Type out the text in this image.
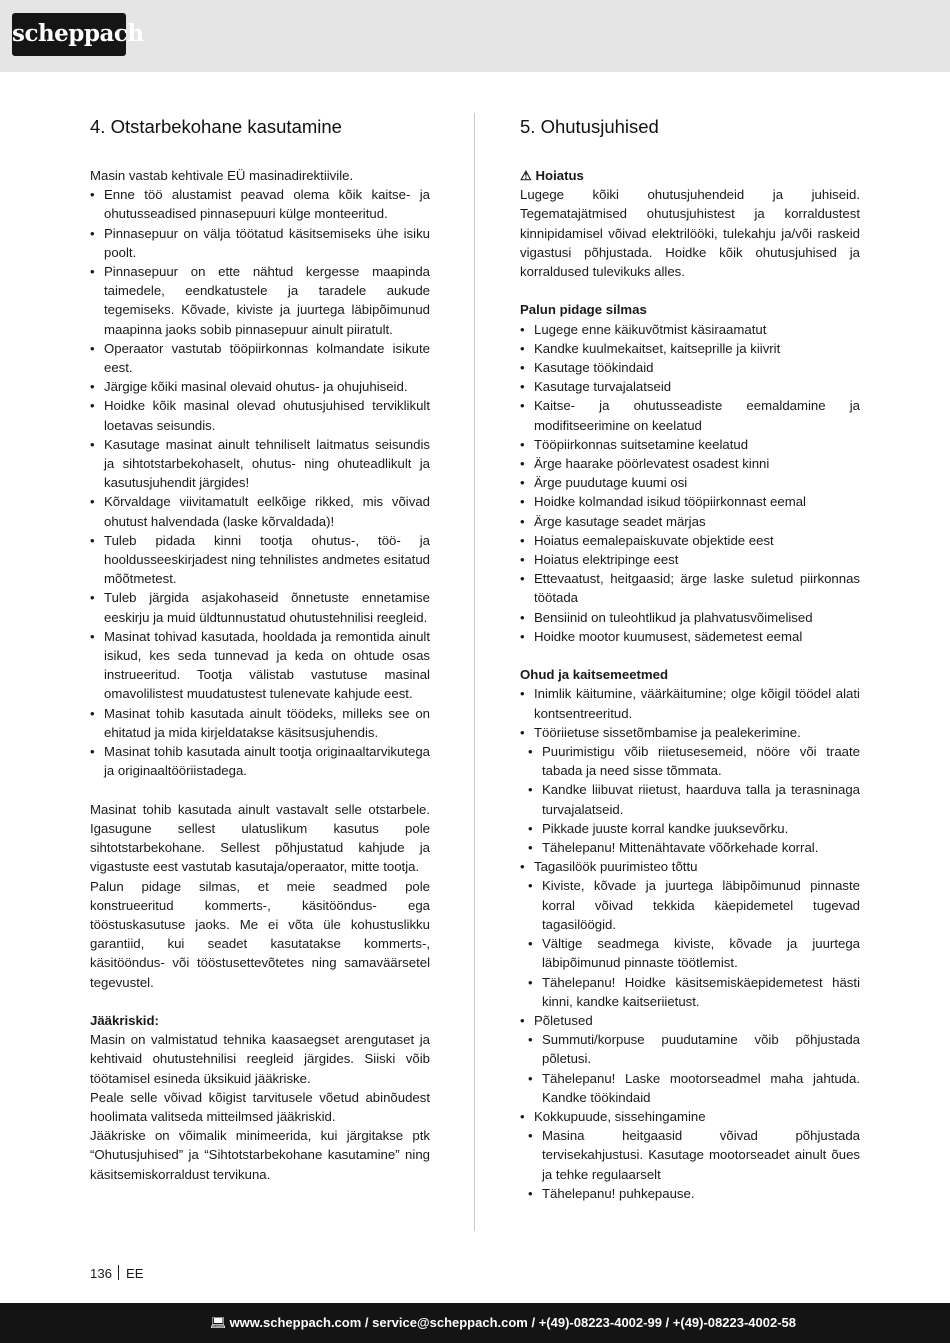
scheppach
4. Otstarbekohane kasutamine

Masin vastab kehtivale EÜ masinadirektiivile.

• Enne töö alustamist peavad olema kõik kaitse- ja ohutusseadised pinnasepuuri külge monteeritud.
• Pinnasepuur on välja töötatud käsitsemiseks ühe isiku poolt.
• Pinnasepuur on ette nähtud kergesse maapinda taimedele, eendkatustele ja taradele aukude tegemiseks. Kõvade, kiviste ja juurtega läbipõimunud maapinna jaoks sobib pinnasepuur ainult piiratult.
• Operaator vastutab tööpiirkonnas kolmandate isikute eest.
• Järgige kõiki masinal olevaid ohutus- ja ohujuhiseid.
• Hoidke kõik masinal olevad ohutusjuhised terviklikult loetavas seisundis.
• Kasutage masinat ainult tehniliselt laitmatus seisundis ja sihtotstarbekohaselt, ohutus- ning ohuteadlikult ja kasutusjuhendit järgides!
• Kõrvaldage viivitamatult eelkõige rikked, mis võivad ohutust halvendada (laske kõrvaldada)!
• Tuleb pidada kinni tootja ohutus-, töö- ja hooldusseeskirjadest ning tehnilistes andmetes esitatud mõõtmetest.
• Tuleb järgida asjakohaseid õnnetuste ennetamise eeskirju ja muid üldtunnustatud ohutustehnilisi reegleid.
• Masinat tohivad kasutada, hooldada ja remontida ainult isikud, kes seda tunnevad ja keda on ohtude osas instrueeritud. Tootja välistab vastutuse masinal omavolilistest muudatustest tulenevate kahjude eest.
• Masinat tohib kasutada ainult töödeks, milleks see on ehitatud ja mida kirjeldatakse käsitsusjuhendis.
• Masinat tohib kasutada ainult tootja originaaltarvikutega ja originaaltööriistadega.

Masinat tohib kasutada ainult vastavalt selle otstarbele. Igasugune sellest ulatuslikum kasutus pole sihtotstarbekohane. Sellest põhjustatud kahjude ja vigastuste eest vastutab kasutaja/operaator, mitte tootja.

Palun pidage silmas, et meie seadmed pole konstrueeritud kommerts-, käsitööndus- ega tööstuskasutuse jaoks. Me ei võta üle kohustuslikku garantiid, kui seadet kasutatakse kommerts-, käsitööndus- või tööstusettevõtetes ning samaväärsetel tegevustel.

Jääkriskid:

Masin on valmistatud tehnika kaasaegset arengutaset ja kehtivaid ohutustehnilisi reegleid järgides. Siiski võib töötamisel esineda üksikuid jääkriske.

Peale selle võivad kõigist tarvitusele võetud abinõudest hoolimata valitseda mitteilmsed jääkriskid.

Jääkriske on võimalik minimeerida, kui järgitakse ptk “Ohutusjuhised” ja “Sihtotstarbekohane kasutamine” ning käsitsemiskorraldust tervikuna.

5. Ohutusjuhised

⚠ Hoiatus

Lugege kõiki ohutusjuhendeid ja juhiseid. Tegematajätmised ohutusjuhistest ja korraldustest kinnipidamisel võivad elektrilööki, tulekahju ja/või raskeid vigastusi põhjustada. Hoidke kõik ohutusjuhised ja korraldused tulevikuks alles.

Palun pidage silmas

• Lugege enne käikuvõtmist käsiraamatut
• Kandke kuulmekaitset, kaitseprille ja kiivrit
• Kasutage töökindaid
• Kasutage turvajalatseid
• Kaitse- ja ohutusseadiste eemaldamine ja modifitseerimine on keelatud
• Tööpiirkonnas suitsetamine keelatud
• Ärge haarake pöörlevatest osadest kinni
• Ärge puudutage kuumi osi
• Hoidke kolmandad isikud tööpiirkonnast eemal
• Ärge kasutage seadet märjas
• Hoiatus eemalepaiskuvate objektide eest
• Hoiatus elektripinge eest
• Ettevaatust, heitgaasid; ärge laske suletud piirkonnas töötada
• Bensiinid on tuleohtlikud ja plahvatusvõimelised
• Hoidke mootor kuumusest, sädemetest eemal

Ohud ja kaitsemeetmed

• Inimlik käitumine, väärkäitumine; olge kõigil töödel alati kontsentreeritud.
• Tööriietuse sissetõmbamise ja pealekerimine.
• Puurimistigu võib riietusesemeid, nööre või traate tabada ja need sisse tõmmata.
• Kandke liibuvat riietust, haarduva talla ja terasninaga turvajalatseid.
• Pikkade juuste korral kandke juuksevõrku.
• Tähelepanu! Mittenähtavate võõrkehade korral.
• Tagasilöök puurimisteo tõttu
• Kiviste, kõvade ja juurtega läbipõimunud pinnaste korral võivad tekkida käepidemetel tugevad tagasilöögid.
• Vältige seadmega kiviste, kõvade ja juurtega läbipõimunud pinnaste töötlemist.
• Tähelepanu! Hoidke käsitsemiskäepidemetest hästi kinni, kandke kaitseriietust.
• Põletused
• Summuti/korpuse puudutamine võib põhjustada põletusi.
• Tähelepanu! Laske mootorseadmel maha jahtuda. Kandke töökindaid
• Kokkupuude, sissehingamine
• Masina heitgaasid võivad põhjustada tervisekahjustusi. Kasutage mootorseadet ainult õues ja tehke regulaarselt
• Tähelepanu! puhkepause.
136 EE
💻︎ www.scheppach.com / service@scheppach.com / +(49)-08223-4002-99 / +(49)-08223-4002-58
